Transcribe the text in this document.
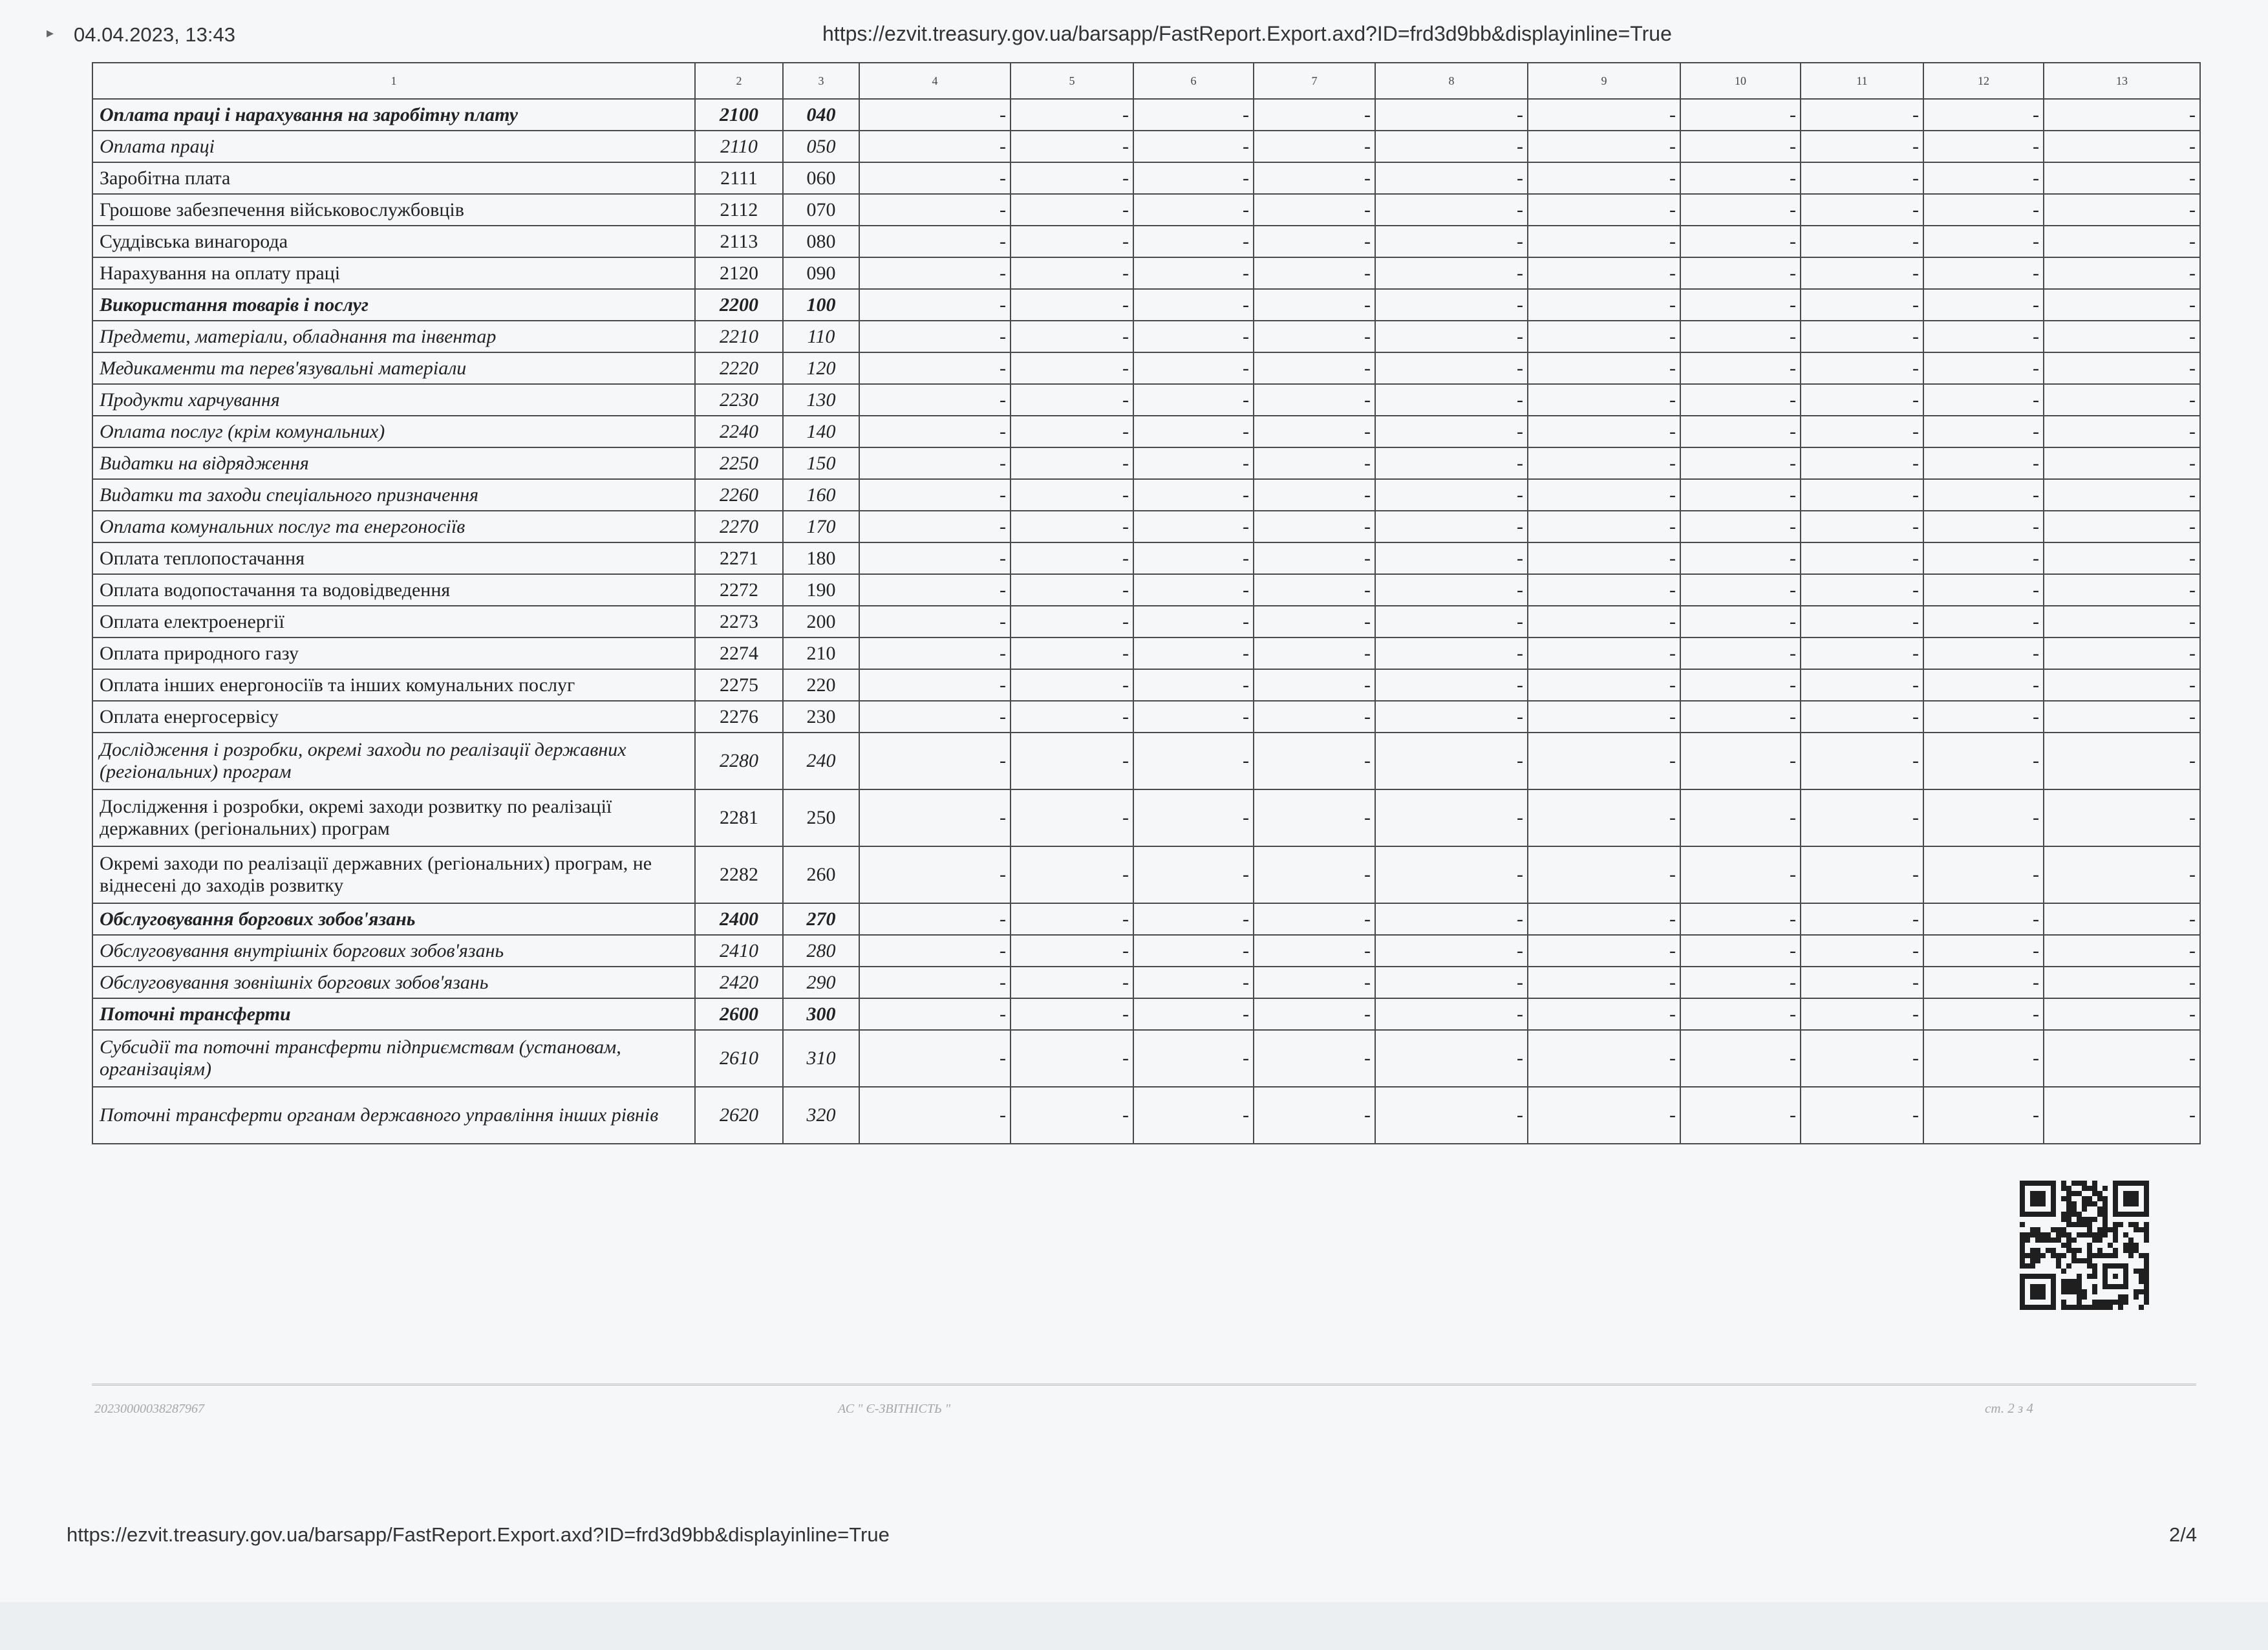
▸ 04.04.2023, 13:43	https://ezvit.treasury.gov.ua/barsapp/FastReport.Export.axd?ID=frd3d9bb&displayinline=True
1	2	3	4	5	6	7	8	9	10	11	12	13
Оплата праці і нарахування на заробітну плату	2100	040	-	-	-	-	-	-	-	-	-	-
Оплата праці	2110	050	-	-	-	-	-	-	-	-	-	-
Заробітна плата	2111	060	-	-	-	-	-	-	-	-	-	-
Грошове забезпечення військовослужбовців	2112	070	-	-	-	-	-	-	-	-	-	-
Суддівська винагорода	2113	080	-	-	-	-	-	-	-	-	-	-
Нарахування на оплату праці	2120	090	-	-	-	-	-	-	-	-	-	-
Використання товарів і послуг	2200	100	-	-	-	-	-	-	-	-	-	-
Предмети, матеріали, обладнання та інвентар	2210	110	-	-	-	-	-	-	-	-	-	-
Медикаменти та перев'язувальні матеріали	2220	120	-	-	-	-	-	-	-	-	-	-
Продукти харчування	2230	130	-	-	-	-	-	-	-	-	-	-
Оплата послуг (крім комунальних)	2240	140	-	-	-	-	-	-	-	-	-	-
Видатки на відрядження	2250	150	-	-	-	-	-	-	-	-	-	-
Видатки та заходи спеціального призначення	2260	160	-	-	-	-	-	-	-	-	-	-
Оплата комунальних послуг та енергоносіїв	2270	170	-	-	-	-	-	-	-	-	-	-
Оплата теплопостачання	2271	180	-	-	-	-	-	-	-	-	-	-
Оплата водопостачання та водовідведення	2272	190	-	-	-	-	-	-	-	-	-	-
Оплата електроенергії	2273	200	-	-	-	-	-	-	-	-	-	-
Оплата природного газу	2274	210	-	-	-	-	-	-	-	-	-	-
Оплата інших енергоносіїв та інших комунальних послуг	2275	220	-	-	-	-	-	-	-	-	-	-
Оплата енергосервісу	2276	230	-	-	-	-	-	-	-	-	-	-
Дослідження і розробки, окремі заходи по реалізації державних (регіональних) програм	2280	240	-	-	-	-	-	-	-	-	-	-
Дослідження і розробки, окремі заходи розвитку по реалізації державних (регіональних) програм	2281	250	-	-	-	-	-	-	-	-	-	-
Окремі заходи по реалізації державних (регіональних) програм, не віднесені до заходів розвитку	2282	260	-	-	-	-	-	-	-	-	-	-
Обслуговування боргових зобов'язань	2400	270	-	-	-	-	-	-	-	-	-	-
Обслуговування внутрішніх боргових зобов'язань	2410	280	-	-	-	-	-	-	-	-	-	-
Обслуговування зовнішніх боргових зобов'язань	2420	290	-	-	-	-	-	-	-	-	-	-
Поточні трансферти	2600	300	-	-	-	-	-	-	-	-	-	-
Субсидії та поточні трансферти підприємствам (установам, організаціям)	2610	310	-	-	-	-	-	-	-	-	-	-
Поточні трансферти органам державного управління інших рівнів	2620	320	-	-	-	-	-	-	-	-	-	-
20230000038287967	АС " Є-ЗВІТНІСТЬ "	ст. 2 з 4
https://ezvit.treasury.gov.ua/barsapp/FastReport.Export.axd?ID=frd3d9bb&displayinline=True	2/4
